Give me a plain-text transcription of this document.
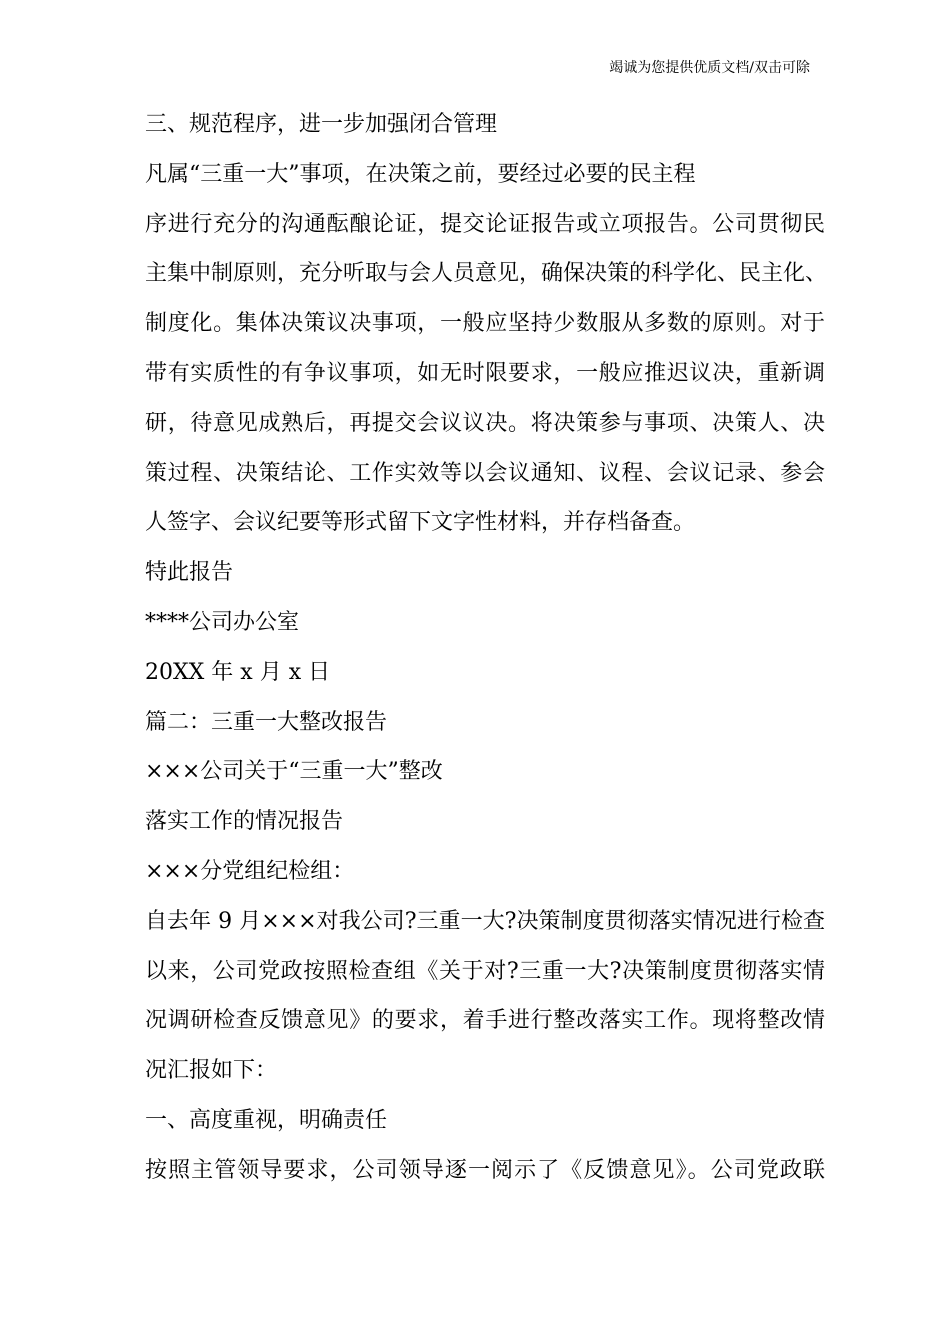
竭诚为您提供优质文档/双击可除
三、规范程序，进一步加强闭合管理
凡属“三重一大”事项，在决策之前，要经过必要的民主程
序进行充分的沟通酝酿论证，提交论证报告或立项报告。公司贯彻民
主集中制原则，充分听取与会人员意见，确保决策的科学化、民主化、
制度化。集体决策议决事项，一般应坚持少数服从多数的原则。对于
带有实质性的有争议事项，如无时限要求，一般应推迟议决，重新调
研，待意见成熟后，再提交会议议决。将决策参与事项、决策人、决
策过程、决策结论、工作实效等以会议通知、议程、会议记录、参会
人签字、会议纪要等形式留下文字性材料，并存档备查。
特此报告
****公司办公室
20XX 年 x 月 x 日
篇二：三重一大整改报告
×××公司关于“三重一大”整改
落实工作的情况报告
×××分党组纪检组：
自去年 9 月×××对我公司?三重一大?决策制度贯彻落实情况进行检查
以来，公司党政按照检查组《关于对?三重一大?决策制度贯彻落实情
况调研检查反馈意见》的要求，着手进行整改落实工作。现将整改情
况汇报如下：
一、高度重视，明确责任
按照主管领导要求，公司领导逐一阅示了《反馈意见》。公司党政联
